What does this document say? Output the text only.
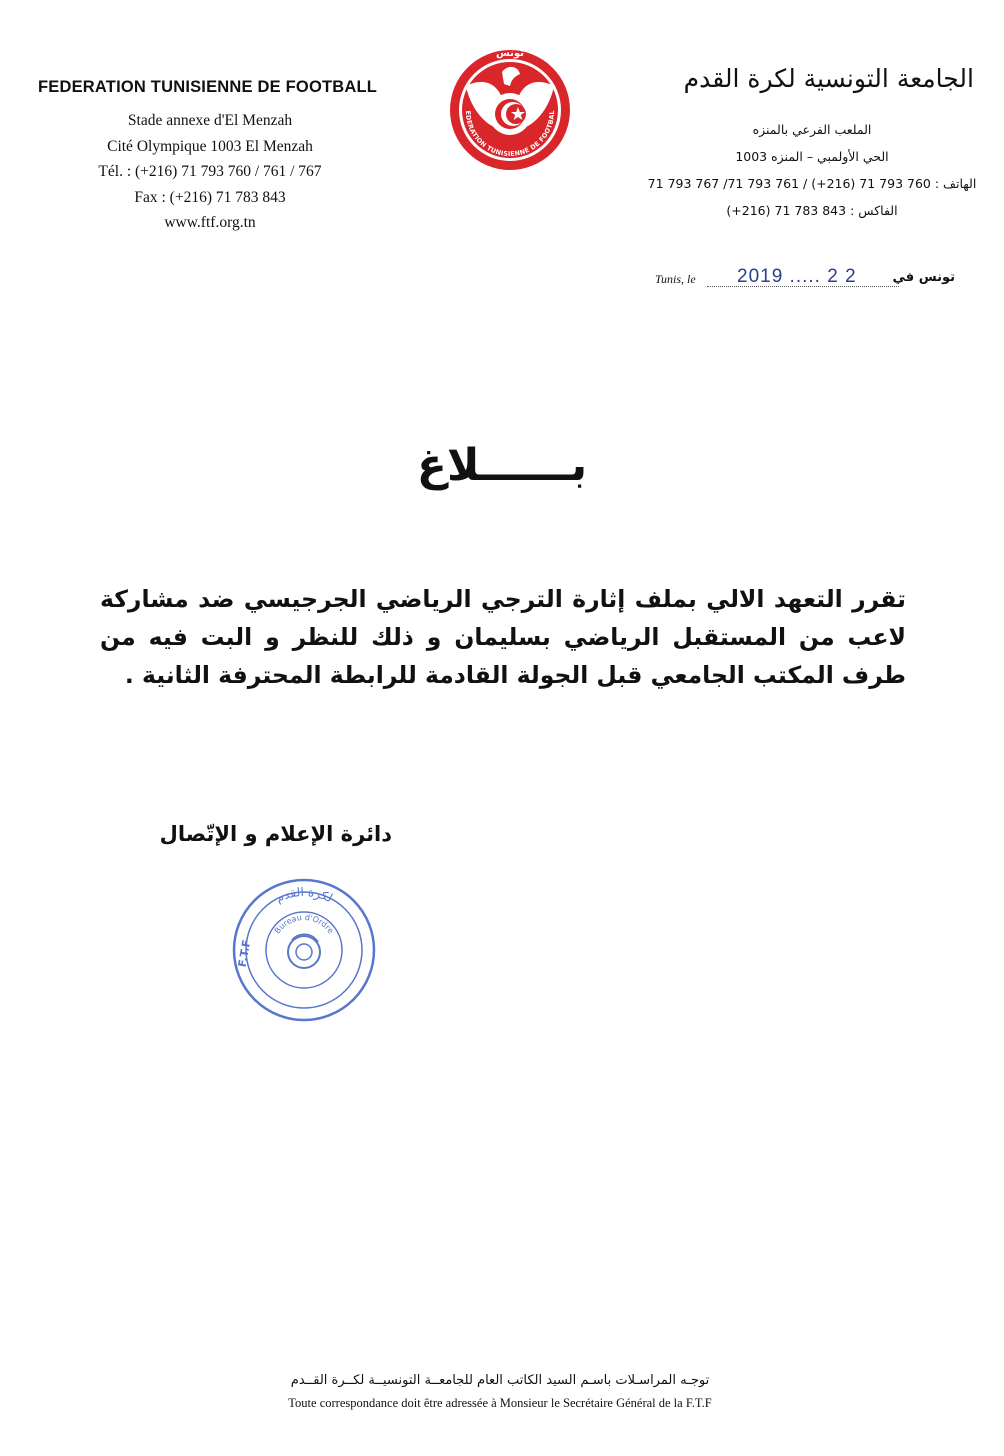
FEDERATION TUNISIENNE DE FOOTBALL
Stade annexe d'El Menzah
Cité Olympique 1003 El Menzah
Tél. : (+216) 71 793 760 / 761 / 767
Fax : (+216) 71 783 843
www.ftf.org.tn
EDERATION TUNISIENNE DE FOOTBAL
تونس
الجامعة التونسية لكرة القدم
الملعب الفرعي بالمنزه
الحي الأولمبي – المنزه 1003
الهاتف : 760 793 71 (216+) / 761 793 71/ 767 793 71
الفاكس : 843 783 71 (216+)
Tunis, le 2019 ..... 2 2	تونس في
بــــــلاغ
تقرر التعهد الالي بملف إثارة الترجي الرياضي الجرجيسي ضد مشاركة لاعب من المستقبل الرياضي بسليمان و ذلك للنظر و البت فيه من طرف المكتب الجامعي قبل الجولة القادمة للرابطة المحترفة الثانية .
دائرة الإعلام و الإتّصال
لكرة القدم
Bureau d'Ordre
F.T.F
توجـه المراسـلات باسـم السيد الكاتب العام للجامعــة التونسيــة لكــرة القــدم
Toute correspondance doit être adressée à Monsieur le Secrétaire Général de la F.T.F
